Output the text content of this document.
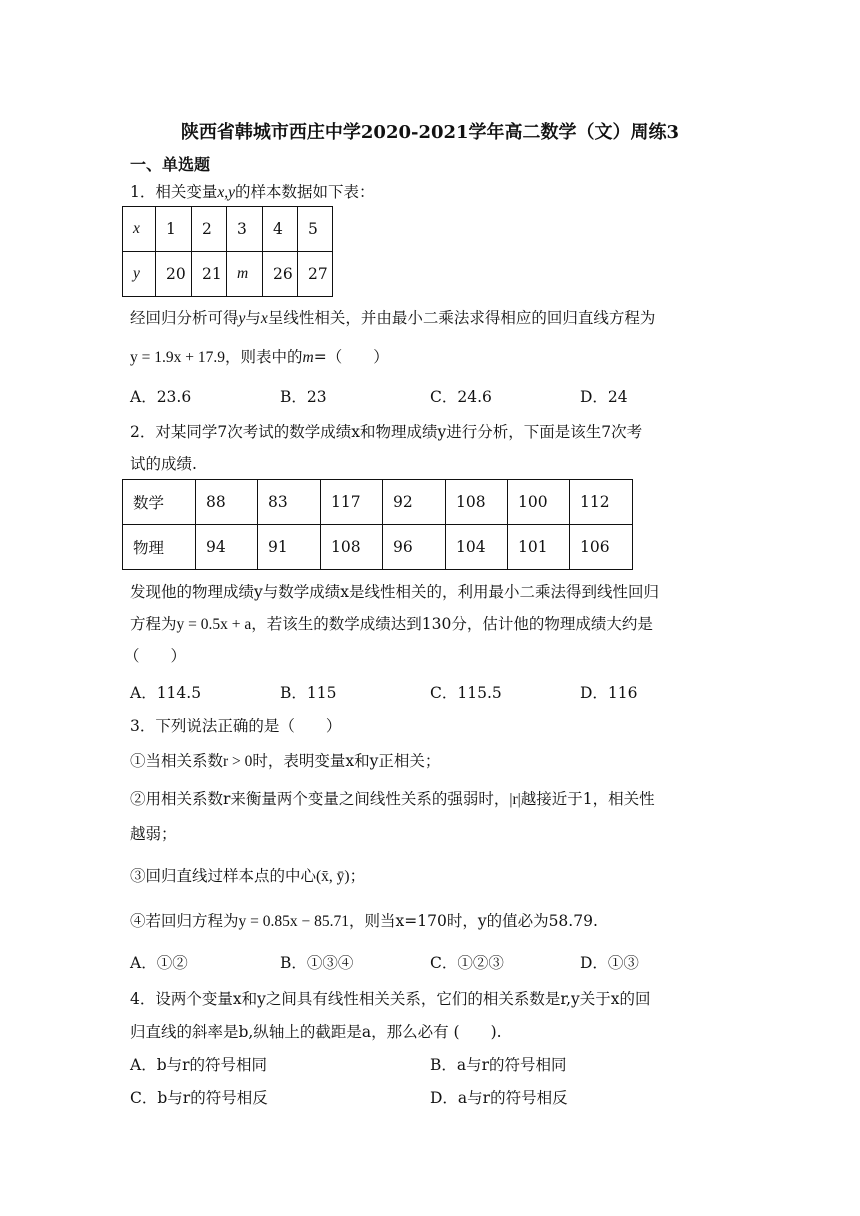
陕西省韩城市西庄中学2020-2021学年高二数学（文）周练3
一、单选题
1．相关变量x,y的样本数据如下表：
x	1	2	3	4	5
y	20	21	m	26	27
经回归分析可得y与x呈线性相关，并由最小二乘法求得相应的回归直线方程为
y = 1.9x + 17.9，则表中的m=（　　）
A．23.6	B．23	C．24.6	D．24
2．对某同学7次考试的数学成绩x和物理成绩y进行分析，下面是该生7次考
试的成绩.
数学	88	83	117	92	108	100	112
物理	94	91	108	96	104	101	106
发现他的物理成绩y与数学成绩x是线性相关的，利用最小二乘法得到线性回归
方程为y = 0.5x + a，若该生的数学成绩达到130分，估计他的物理成绩大约是
（　　）
A．114.5	B．115	C．115.5	D．116
3．下列说法正确的是（　　）
①当相关系数r > 0时，表明变量x和y正相关；
②用相关系数r来衡量两个变量之间线性关系的强弱时，|r|越接近于1，相关性
越弱；
③回归直线过样本点的中心(x̄, ȳ)；
④若回归方程为y = 0.85x − 85.71，则当x=170时，y的值必为58.79.
A．①②	B．①③④	C．①②③	D．①③
4．设两个变量x和y之间具有线性相关关系，它们的相关系数是r,y关于x的回
归直线的斜率是b,纵轴上的截距是a，那么必有 (　　).
A．b与r的符号相同	B．a与r的符号相同
C．b与r的符号相反	D．a与r的符号相反
